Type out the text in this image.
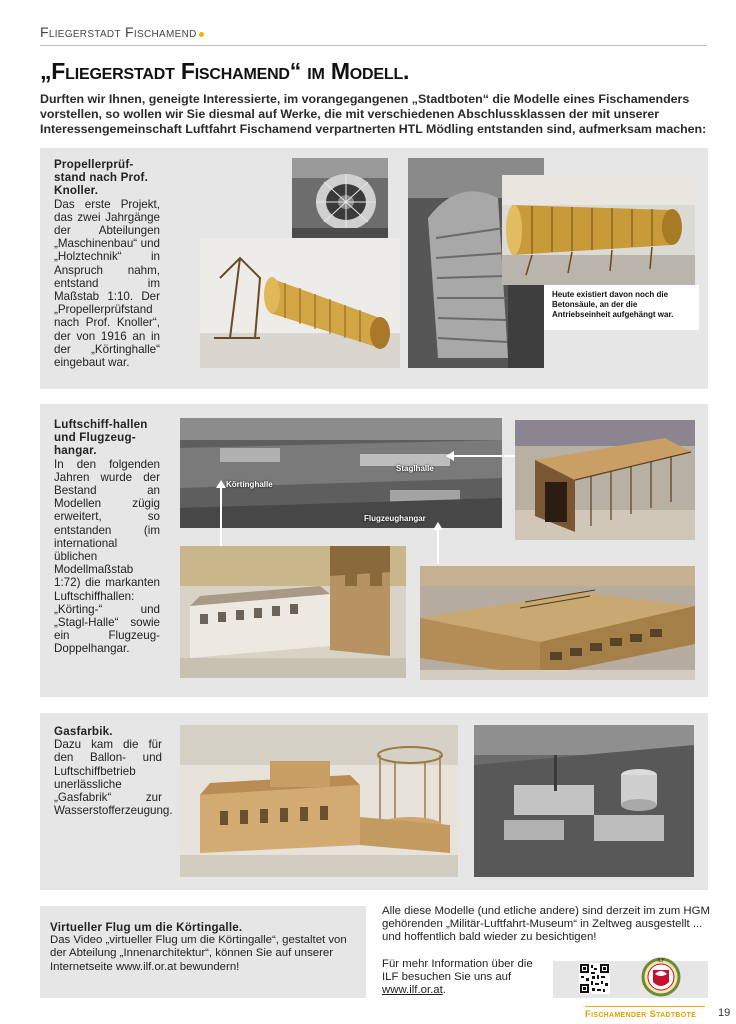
Fliegerstadt Fischamend
„Fliegerstadt Fischamend“ im Modell.
Durften wir Ihnen, geneigte Interessierte, im vorangegangenen „Stadtboten“ die Modelle eines Fischamenders vorstellen, so wollen wir Sie diesmal auf Werke, die mit verschiedenen Abschlussklassen der mit unserer Interessengemeinschaft Luftfahrt Fischamend verpartnerten HTL Mödling entstanden sind, aufmerksam machen:
Propellerprüf-stand nach Prof. Knoller.
Das erste Projekt, das zwei Jahrgänge der Abteilungen „Maschinenbau“ und „Holztechnik“ in Anspruch nahm, entstand im Maßstab 1:10. Der „Propellerprüfstand nach Prof. Knoller“, der von 1916 an in der „Körtinghalle“ eingebaut war.
Heute existiert davon noch die Betonsäule, an der die Antriebseinheit aufgehängt war.
Luftschiff-hallen und Flugzeug-hangar.
In den folgenden Jahren wurde der Bestand an Modellen zügig erweitert, so entstanden (im international üblichen Modellmaßstab 1:72) die markanten Luftschiffhallen: „Körting-“ und „Stagl-Halle“ sowie ein Flugzeug-Doppelhangar.
Körtinghalle
Staglhalle
Flugzeughangar
Gasfarbik.
Dazu kam die für den Ballon- und Luftschiffbetrieb unerlässliche „Gasfabrik“ zur Wasserstofferzeugung.
Virtueller Flug um die Körtingalle.
Das Video „virtueller Flug um die Körtingalle“, gestaltet von der Abteilung „Innenarchitektur“, können Sie auf unserer Internetseite www.ilf.or.at bewundern!
Alle diese Modelle (und etliche andere) sind derzeit im zum HGM gehörenden „Militär-Luftfahrt-Museum“ in Zeltweg ausgestellt ... und hoffentlich bald wieder zu besichtigen!
Für mehr Information über die ILF besuchen Sie uns auf www.ilf.or.at.
ILF
Fischamender Stadtbote 19
